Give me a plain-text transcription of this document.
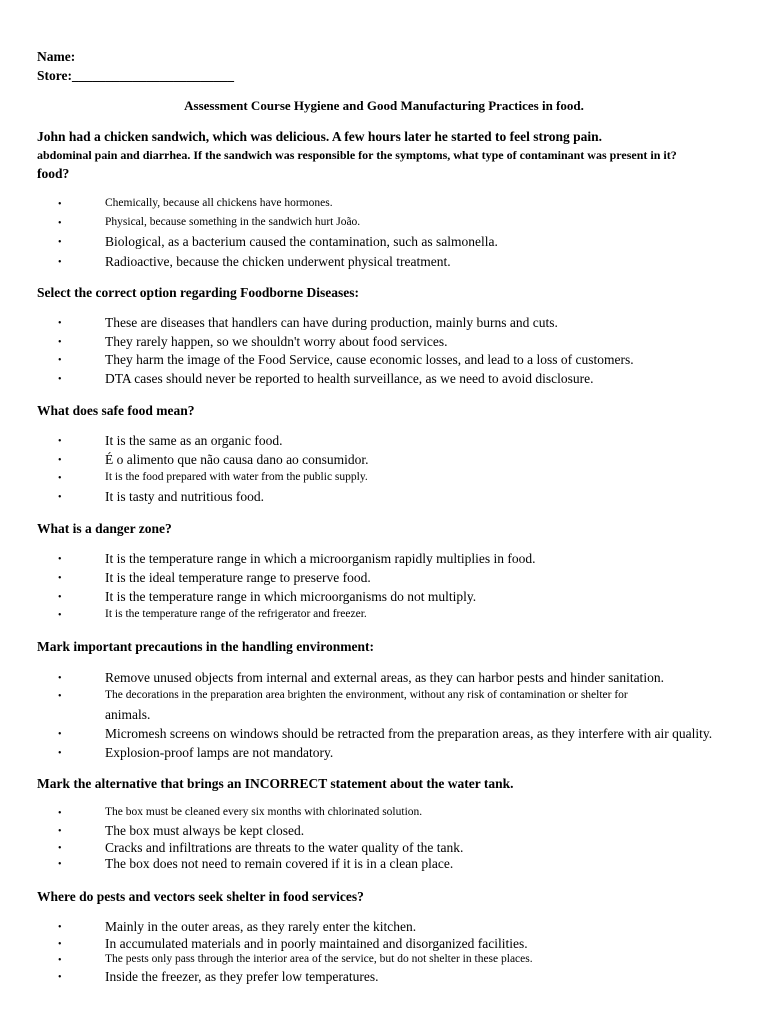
Name:
Store:________________________
Assessment Course Hygiene and Good Manufacturing Practices in food.
John had a chicken sandwich, which was delicious. A few hours later he started to feel strong pain.
abdominal pain and diarrhea. If the sandwich was responsible for the symptoms, what type of contaminant was present in it?
food?
•	Chemically, because all chickens have hormones.
•	Physical, because something in the sandwich hurt João.
•	Biological, as a bacterium caused the contamination, such as salmonella.
•	Radioactive, because the chicken underwent physical treatment.
Select the correct option regarding Foodborne Diseases:
•	These are diseases that handlers can have during production, mainly burns and cuts.
•	They rarely happen, so we shouldn't worry about food services.
•	They harm the image of the Food Service, cause economic losses, and lead to a loss of customers.
•	DTA cases should never be reported to health surveillance, as we need to avoid disclosure.
What does safe food mean?
•	It is the same as an organic food.
•	É o alimento que não causa dano ao consumidor.
•	It is the food prepared with water from the public supply.
•	It is tasty and nutritious food.
What is a danger zone?
•	It is the temperature range in which a microorganism rapidly multiplies in food.
•	It is the ideal temperature range to preserve food.
•	It is the temperature range in which microorganisms do not multiply.
•	It is the temperature range of the refrigerator and freezer.
Mark important precautions in the handling environment:
•	Remove unused objects from internal and external areas, as they can harbor pests and hinder sanitation.
•	The decorations in the preparation area brighten the environment, without any risk of contamination or shelter for
animals.
•	Micromesh screens on windows should be retracted from the preparation areas, as they interfere with air quality.
•	Explosion-proof lamps are not mandatory.
Mark the alternative that brings an INCORRECT statement about the water tank.
•	The box must be cleaned every six months with chlorinated solution.
•	The box must always be kept closed.
•	Cracks and infiltrations are threats to the water quality of the tank.
•	The box does not need to remain covered if it is in a clean place.
Where do pests and vectors seek shelter in food services?
•	Mainly in the outer areas, as they rarely enter the kitchen.
•	In accumulated materials and in poorly maintained and disorganized facilities.
•	The pests only pass through the interior area of the service, but do not shelter in these places.
•	Inside the freezer, as they prefer low temperatures.
